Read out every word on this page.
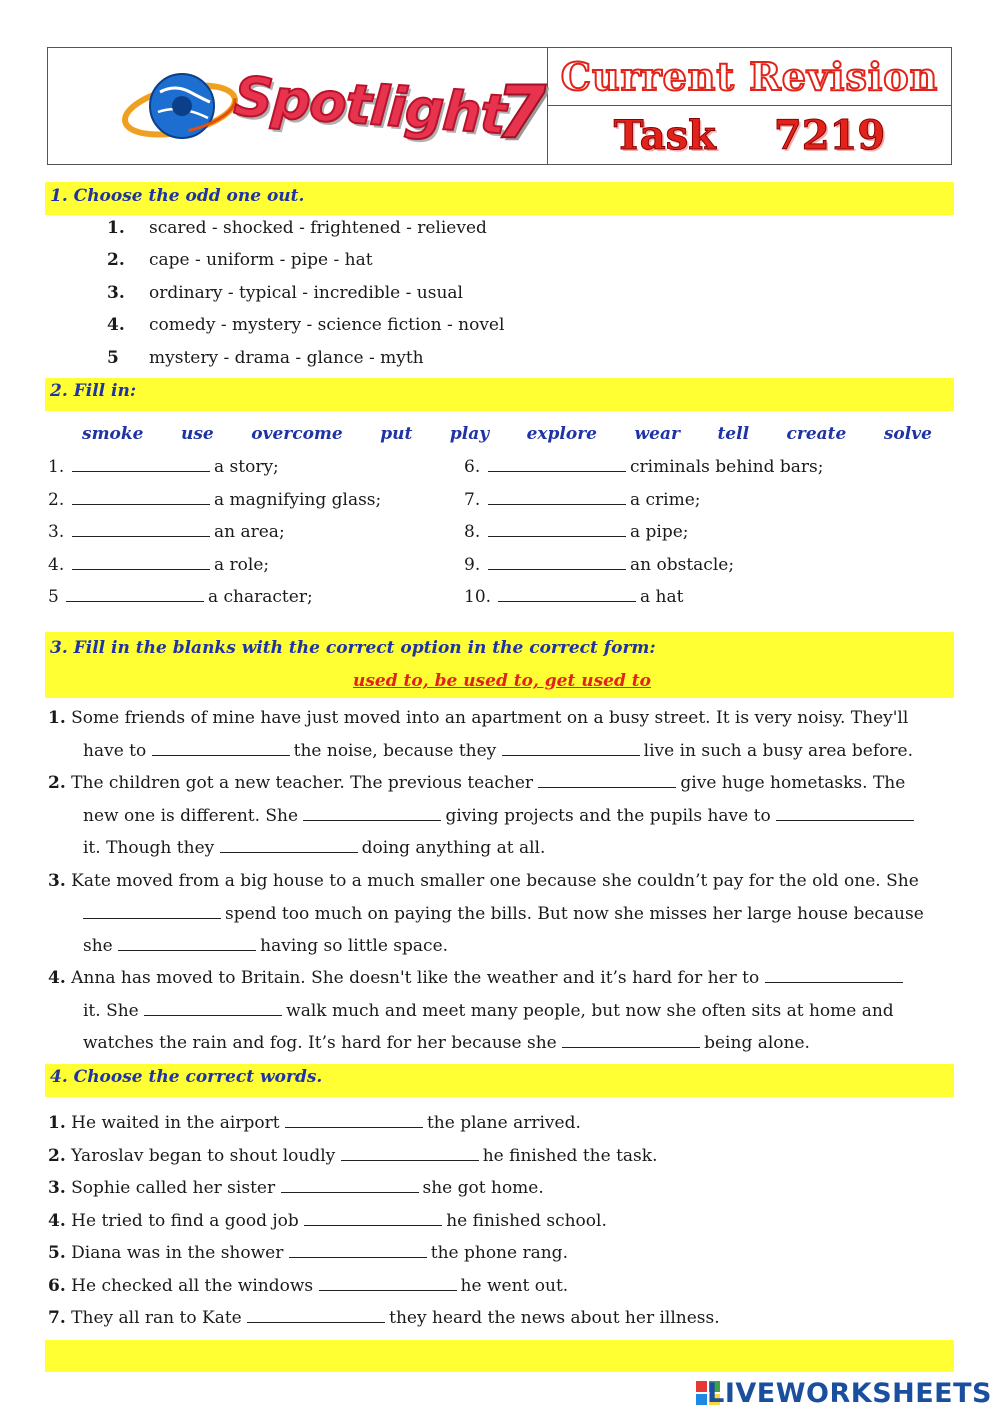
Spotlight
7 Current Revision
Task 7219
1. Choose the odd one out.
1. scared - shocked - frightened - relieved
2. cape - uniform - pipe - hat
3. ordinary - typical - incredible - usual
4. comedy - mystery - science fiction - novel
5 mystery - drama - glance - myth
2. Fill in:
smoke use overcome put play explore wear tell create solve
1.	a story;
2.	a magnifying glass;
3.	an area;
4.	a role;
5	a character;
6.	criminals behind bars;
7.	a crime;
8.	a pipe;
9.	an obstacle;
10.	a hat
3. Fill in the blanks with the correct option in the correct form:
used to, be used to, get used to
1. Some friends of mine have just moved into an apartment on a busy street. It is very noisy. They'll
have to	the noise, because they	live in such a busy area before.
2. The children got a new teacher. The previous teacher	give huge hometasks. The
new one is different. She	giving projects and the pupils have to
it. Though they	doing anything at all.
3. Kate moved from a big house to a much smaller one because she couldn’t pay for the old one. She
spend too much on paying the bills. But now she misses her large house because
she	having so little space.
4. Anna has moved to Britain. She doesn't like the weather and it’s hard for her to
it. She	walk much and meet many people, but now she often sits at home and
watches the rain and fog. It’s hard for her because she	being alone.
4. Choose the correct words.
1. He waited in the airport	the plane arrived.
2. Yaroslav began to shout loudly	he finished the task.
3. Sophie called her sister	she got home.
4. He tried to find a good job	he finished school.
5. Diana was in the shower	the phone rang.
6. He checked all the windows	he went out.
7. They all ran to Kate	they heard the news about her illness.
LIVEWORKSHEETS
